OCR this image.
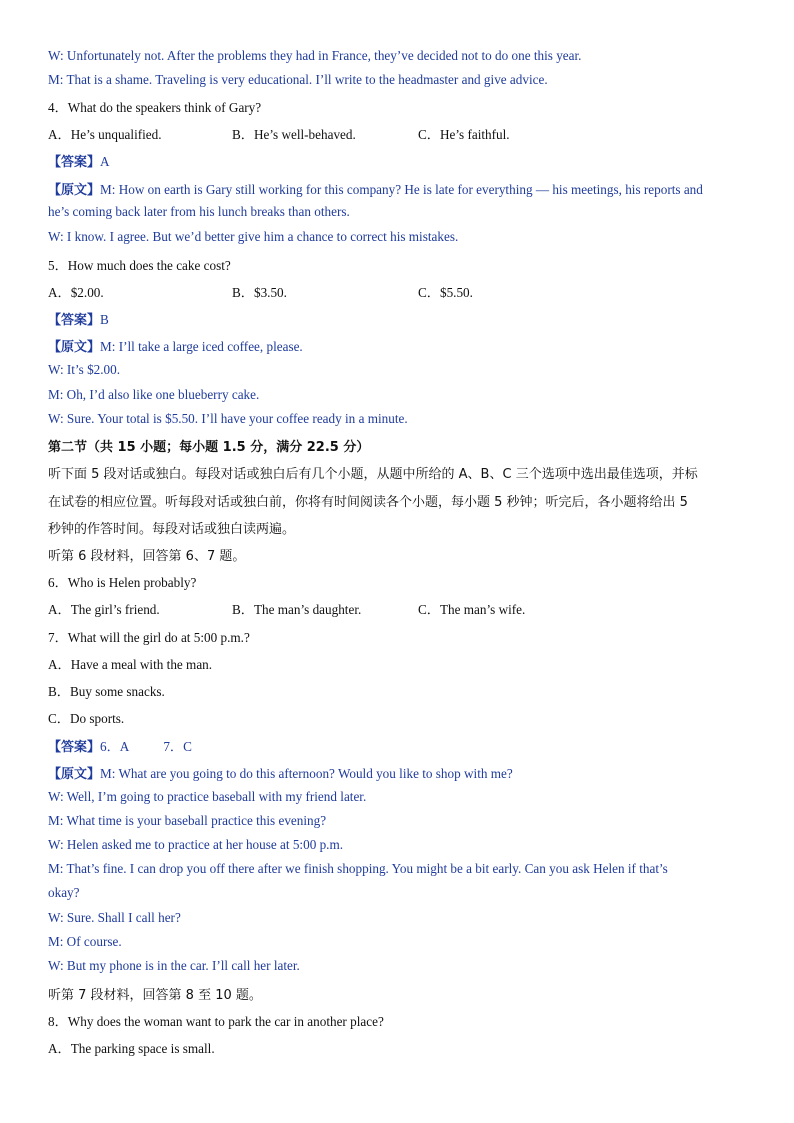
W: Unfortunately not. After the problems they had in France, they’ve decided not to do one this year.
M: That is a shame. Traveling is very educational. I’ll write to the headmaster and give advice.
4．What do the speakers think of Gary?
A．He’s unqualified.	B．He’s well-behaved.	C．He’s faithful.
【答案】A
【原文】M: How on earth is Gary still working for this company? He is late for everything — his meetings, his reports and
he’s coming back later from his lunch breaks than others.
W: I know. I agree. But we’d better give him a chance to correct his mistakes.
5．How much does the cake cost?
A．$2.00.	B．$3.50.	C．$5.50.
【答案】B
【原文】M: I’ll take a large iced coffee, please.
W: It’s $2.00.
M: Oh, I’d also like one blueberry cake.
W: Sure. Your total is $5.50. I’ll have your coffee ready in a minute.
第二节（共 15 小题；每小题 1.5 分，满分 22.5 分）
听下面 5 段对话或独白。每段对话或独白后有几个小题，从题中所给的 A、B、C 三个选项中选出最佳选项，并标
在试卷的相应位置。听每段对话或独白前，你将有时间阅读各个小题，每小题 5 秒钟；听完后，各小题将给出 5
秒钟的作答时间。每段对话或独白读两遍。
听第 6 段材料，回答第 6、7 题。
6．Who is Helen probably?
A．The girl’s friend.	B．The man’s daughter.	C．The man’s wife.
7．What will the girl do at 5:00 p.m.?
A．Have a meal with the man.
B．Buy some snacks.
C．Do sports.
【答案】6．A	7．C
【原文】M: What are you going to do this afternoon? Would you like to shop with me?
W: Well, I’m going to practice baseball with my friend later.
M: What time is your baseball practice this evening?
W: Helen asked me to practice at her house at 5:00 p.m.
M: That’s fine. I can drop you off there after we finish shopping. You might be a bit early. Can you ask Helen if that’s
okay?
W: Sure. Shall I call her?
M: Of course.
W: But my phone is in the car. I’ll call her later.
听第 7 段材料，回答第 8 至 10 题。
8．Why does the woman want to park the car in another place?
A．The parking space is small.
